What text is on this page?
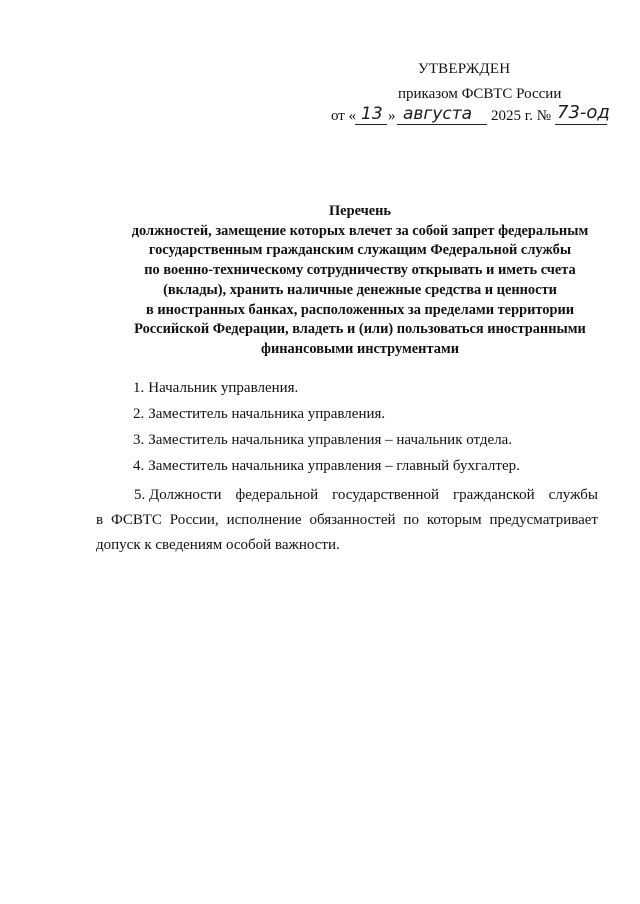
УТВЕРЖДЕН
приказом ФСВТС России
от « 13 » августа 2025 г. № 73-од
Перечень
должностей, замещение которых влечет за собой запрет федеральным
государственным гражданским служащим Федеральной службы
по военно-техническому сотрудничеству открывать и иметь счета
(вклады), хранить наличные денежные средства и ценности
в иностранных банках, расположенных за пределами территории
Российской Федерации, владеть и (или) пользоваться иностранными
финансовыми инструментами
1. Начальник управления.
2. Заместитель начальника управления.
3. Заместитель начальника управления – начальник отдела.
4. Заместитель начальника управления – главный бухгалтер.
5. Должности федеральной государственной гражданской службы
в ФСВТС России, исполнение обязанностей по которым предусматривает
допуск к сведениям особой важности.
